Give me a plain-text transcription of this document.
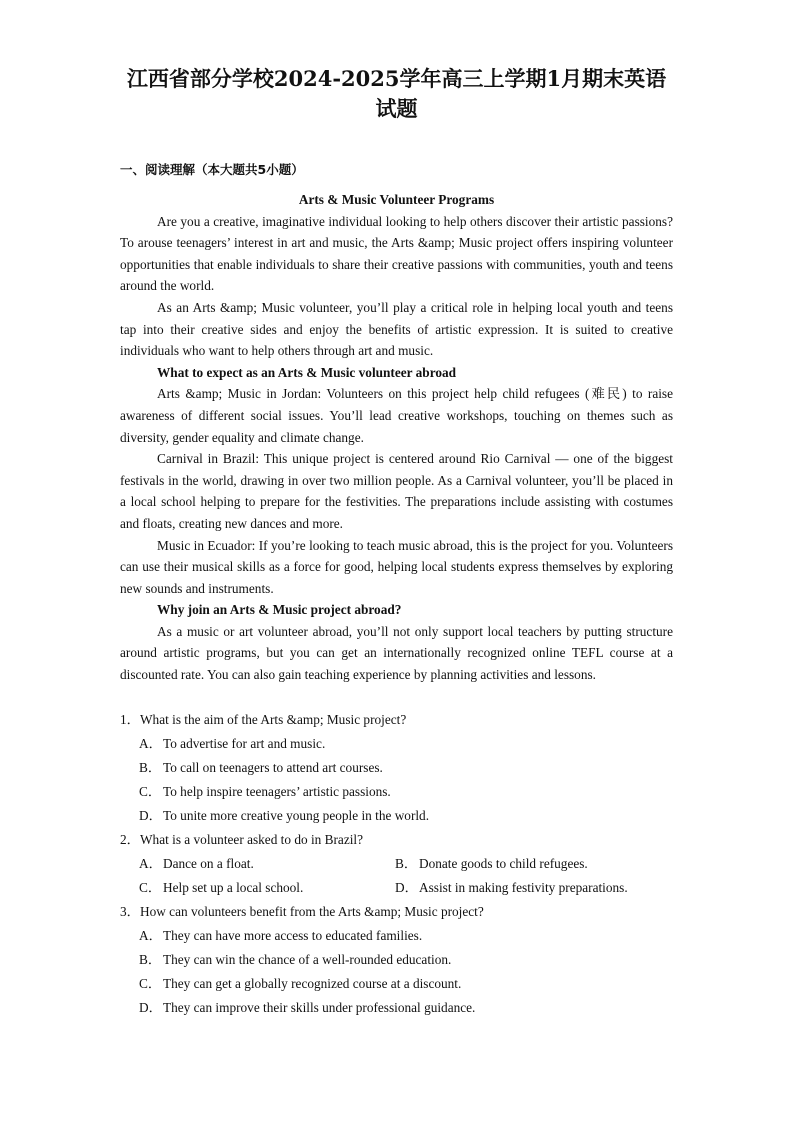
江西省部分学校2024-2025学年高三上学期1月期末英语
试题
一、阅读理解（本大题共5小题）
Arts & Music Volunteer Programs

Are you a creative, imaginative individual looking to help others discover their artistic passions? To arouse teenagers’ interest in art and music, the Arts &amp; Music project offers inspiring volunteer opportunities that enable individuals to share their creative passions with communities, youth and teens around the world.

As an Arts &amp; Music volunteer, you’ll play a critical role in helping local youth and teens tap into their creative sides and enjoy the benefits of artistic expression. It is suited to creative individuals who want to help others through art and music.

What to expect as an Arts & Music volunteer abroad

Arts &amp; Music in Jordan: Volunteers on this project help child refugees (难民) to raise awareness of different social issues. You’ll lead creative workshops, touching on themes such as diversity, gender equality and climate change.

Carnival in Brazil: This unique project is centered around Rio Carnival — one of the biggest festivals in the world, drawing in over two million people. As a Carnival volunteer, you’ll be placed in a local school helping to prepare for the festivities. The preparations include assisting with costumes and floats, creating new dances and more.

Music in Ecuador: If you’re looking to teach music abroad, this is the project for you. Volunteers can use their musical skills as a force for good, helping local students express themselves by exploring new sounds and instruments.

Why join an Arts & Music project abroad?

As a music or art volunteer abroad, you’ll not only support local teachers by putting structure around artistic programs, but you can get an internationally recognized online TEFL course at a discounted rate. You can also gain teaching experience by planning activities and lessons.

1． What is the aim of the Arts &amp; Music project?
A． To advertise for art and music.
B． To call on teenagers to attend art courses.
C． To help inspire teenagers’ artistic passions.
D． To unite more creative young people in the world.
2． What is a volunteer asked to do in Brazil?
A． Dance on a float.	B． Donate goods to child refugees.
C． Help set up a local school.	D． Assist in making festivity preparations.
3． How can volunteers benefit from the Arts &amp; Music project?
A． They can have more access to educated families.
B． They can win the chance of a well-rounded education.
C． They can get a globally recognized course at a discount.
D． They can improve their skills under professional guidance.
